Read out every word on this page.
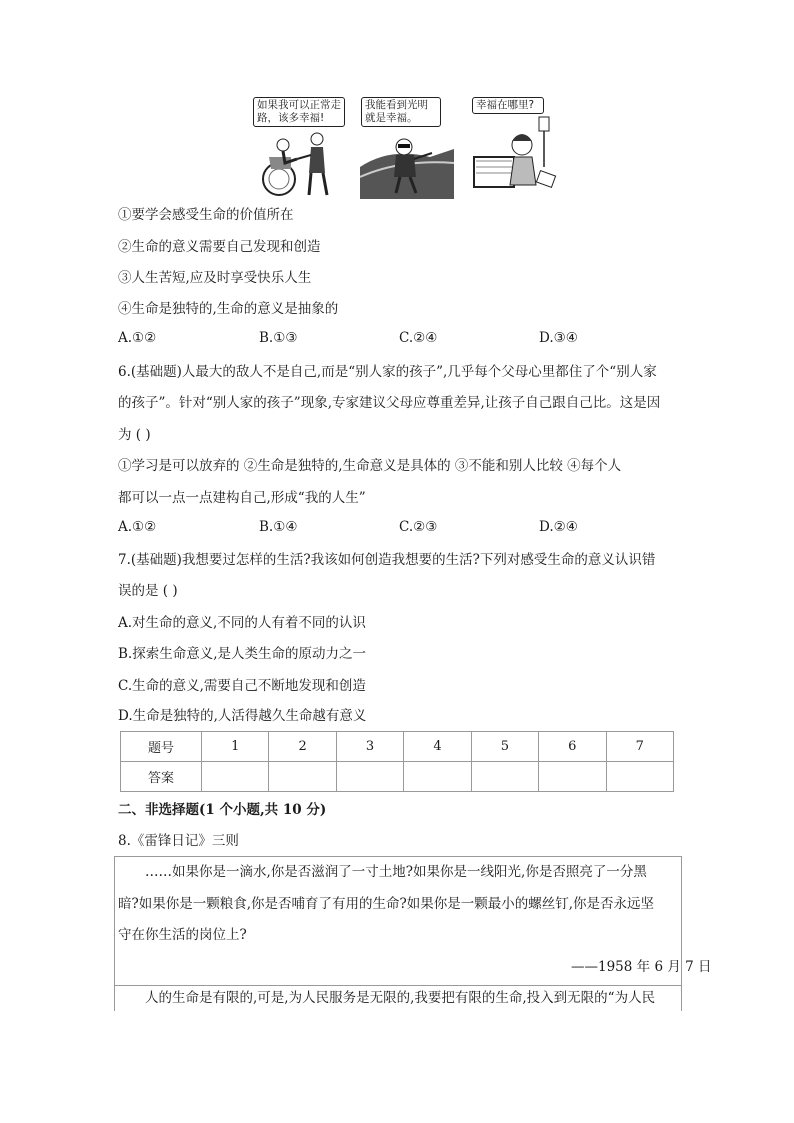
如果我可以正常走路，该多幸福!
我能看到光明就是幸福。
幸福在哪里?
①要学会感受生命的价值所在
②生命的意义需要自己发现和创造
③人生苦短,应及时享受快乐人生
④生命是独特的,生命的意义是抽象的
A.①②	B.①③	C.②④	D.③④
6.(基础题)人最大的敌人不是自己,而是“别人家的孩子”,几乎每个父母心里都住了个“别人家
的孩子”。针对“别人家的孩子”现象,专家建议父母应尊重差异,让孩子自己跟自己比。这是因
为 ( )
①学习是可以放弃的 ②生命是独特的,生命意义是具体的 ③不能和别人比较 ④每个人
都可以一点一点建构自己,形成“我的人生”
A.①②	B.①④	C.②③	D.②④
7.(基础题)我想要过怎样的生活?我该如何创造我想要的生活?下列对感受生命的意义认识错
误的是 ( )
A.对生命的意义,不同的人有着不同的认识
B.探索生命意义,是人类生命的原动力之一
C.生命的意义,需要自己不断地发现和创造
D.生命是独特的,人活得越久生命越有意义
题号	1	2	3	4	5	6	7
答案							
二、非选择题(1 个小题,共 10 分)
8.《雷锋日记》三则
……如果你是一滴水,你是否滋润了一寸土地?如果你是一线阳光,你是否照亮了一分黑
暗?如果你是一颗粮食,你是否哺育了有用的生命?如果你是一颗最小的螺丝钉,你是否永远坚
守在你生活的岗位上?
——1958 年 6 月 7 日
人的生命是有限的,可是,为人民服务是无限的,我要把有限的生命,投入到无限的“为人民
